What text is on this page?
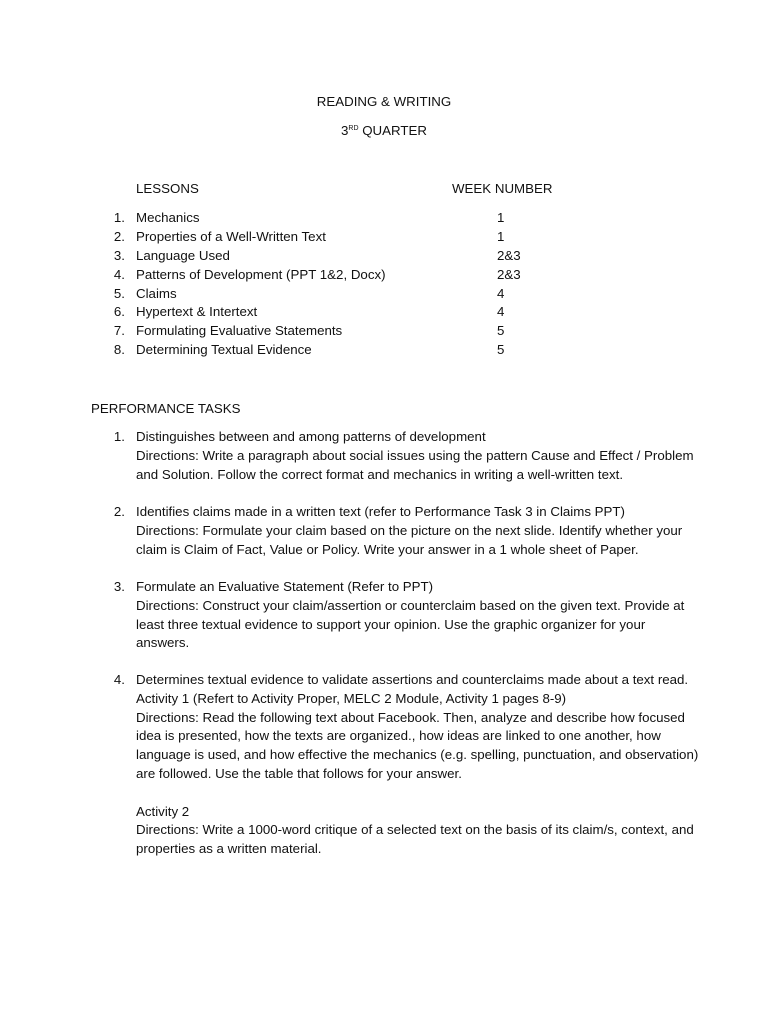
READING & WRITING
3RD QUARTER
LESSONS	WEEK NUMBER
1. Mechanics	1
2. Properties of a Well-Written Text	1
3. Language Used	2&3
4. Patterns of Development (PPT 1&2, Docx)	2&3
5. Claims	4
6. Hypertext & Intertext	4
7. Formulating Evaluative Statements	5
8. Determining Textual Evidence	5
PERFORMANCE TASKS
1. Distinguishes between and among patterns of development
Directions: Write a paragraph about social issues using the pattern Cause and Effect / Problem
and Solution. Follow the correct format and mechanics in writing a well-written text.
2. Identifies claims made in a written text (refer to Performance Task 3 in Claims PPT)
Directions: Formulate your claim based on the picture on the next slide. Identify whether your
claim is Claim of Fact, Value or Policy. Write your answer in a 1 whole sheet of Paper.
3. Formulate an Evaluative Statement (Refer to PPT)
Directions: Construct your claim/assertion or counterclaim based on the given text. Provide at
least three textual evidence to support your opinion. Use the graphic organizer for your
answers.
4. Determines textual evidence to validate assertions and counterclaims made about a text read.
Activity 1 (Refert to Activity Proper, MELC 2 Module, Activity 1 pages 8-9)
Directions: Read the following text about Facebook. Then, analyze and describe how focused
idea is presented, how the texts are organized., how ideas are linked to one another, how
language is used, and how effective the mechanics (e.g. spelling, punctuation, and observation)
are followed. Use the table that follows for your answer.
Activity 2
Directions: Write a 1000-word critique of a selected text on the basis of its claim/s, context, and
properties as a written material.
